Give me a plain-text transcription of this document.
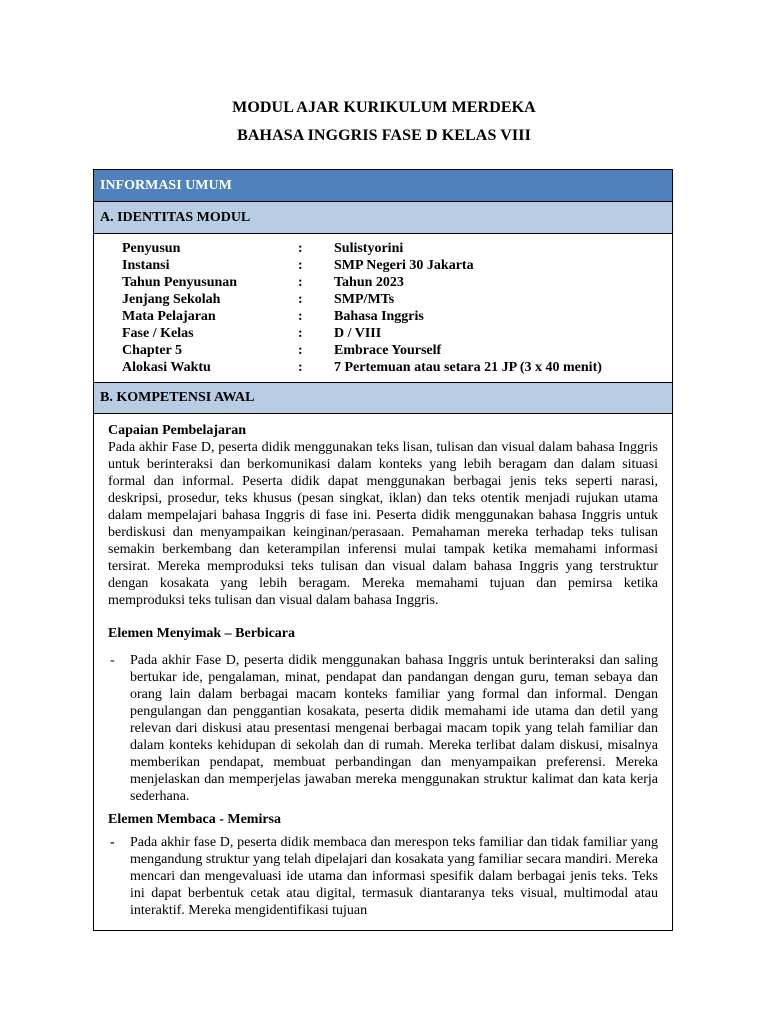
MODUL AJAR KURIKULUM MERDEKA
BAHASA INGGRIS FASE D KELAS VIII
INFORMASI UMUM
A. IDENTITAS MODUL
Penyusun	:	Sulistyorini
Instansi	:	SMP Negeri 30 Jakarta
Tahun Penyusunan	:	Tahun 2023
Jenjang Sekolah	:	SMP/MTs
Mata Pelajaran	:	Bahasa Inggris
Fase / Kelas	:	D / VIII
Chapter 5	:	Embrace Yourself
Alokasi Waktu	:	7 Pertemuan atau setara 21 JP (3 x 40 menit)
B. KOMPETENSI AWAL
Capaian Pembelajaran

Pada akhir Fase D, peserta didik menggunakan teks lisan, tulisan dan visual dalam bahasa Inggris untuk berinteraksi dan berkomunikasi dalam konteks yang lebih beragam dan dalam situasi formal dan informal. Peserta didik dapat menggunakan berbagai jenis teks seperti narasi, deskripsi, prosedur, teks khusus (pesan singkat, iklan) dan teks otentik menjadi rujukan utama dalam mempelajari bahasa Inggris di fase ini. Peserta didik menggunakan bahasa Inggris untuk berdiskusi dan menyampaikan keinginan/perasaan. Pemahaman mereka terhadap teks tulisan semakin berkembang dan keterampilan inferensi mulai tampak ketika memahami informasi tersirat. Mereka memproduksi teks tulisan dan visual dalam bahasa Inggris yang terstruktur dengan kosakata yang lebih beragam. Mereka memahami tujuan dan pemirsa ketika memproduksi teks tulisan dan visual dalam bahasa Inggris.

Elemen Menyimak – Berbicara
-	Pada akhir Fase D, peserta didik menggunakan bahasa Inggris untuk berinteraksi dan saling bertukar ide, pengalaman, minat, pendapat dan pandangan dengan guru, teman sebaya dan orang lain dalam berbagai macam konteks familiar yang formal dan informal. Dengan pengulangan dan penggantian kosakata, peserta didik memahami ide utama dan detil yang relevan dari diskusi atau presentasi mengenai berbagai macam topik yang telah familiar dan dalam konteks kehidupan di sekolah dan di rumah. Mereka terlibat dalam diskusi, misalnya memberikan pendapat, membuat perbandingan dan menyampaikan preferensi. Mereka menjelaskan dan memperjelas jawaban mereka menggunakan struktur kalimat dan kata kerja sederhana.
Elemen Membaca - Memirsa
-	Pada akhir fase D, peserta didik membaca dan merespon teks familiar dan tidak familiar yang mengandung struktur yang telah dipelajari dan kosakata yang familiar secara mandiri. Mereka mencari dan mengevaluasi ide utama dan informasi spesifik dalam berbagai jenis teks. Teks ini dapat berbentuk cetak atau digital, termasuk diantaranya teks visual, multimodal atau interaktif. Mereka mengidentifikasi tujuan
